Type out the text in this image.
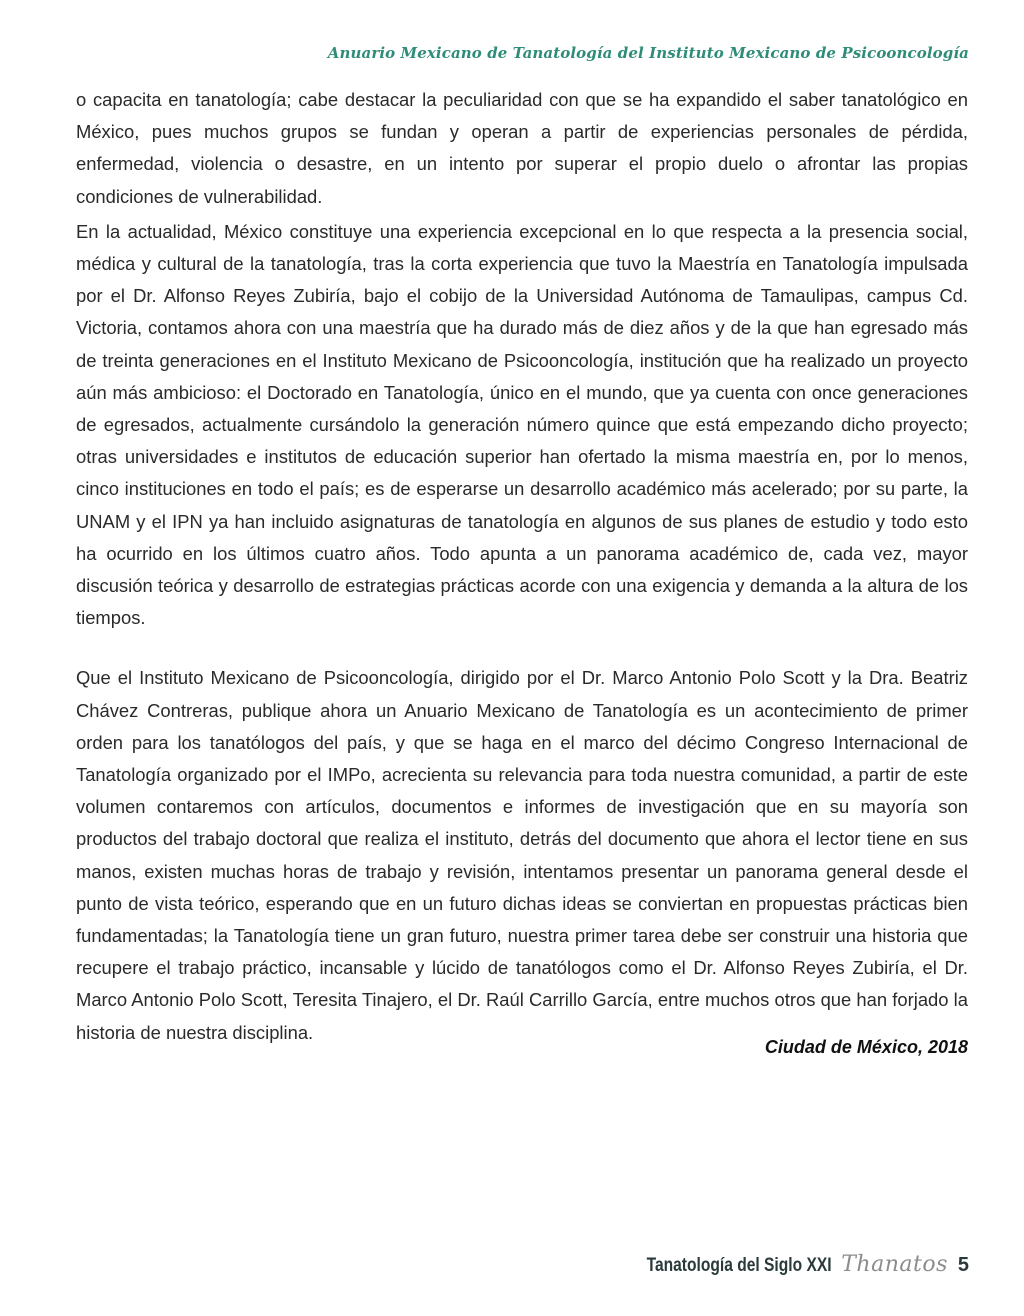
Anuario Mexicano de Tanatología del Instituto Mexicano de Psicooncología

o capacita en tanatología; cabe destacar la peculiaridad con que se ha expandido el saber tanatológico en México, pues muchos grupos se fundan y operan a partir de experiencias personales de pérdida, enfermedad, violencia o desastre, en un intento por superar el propio duelo o afrontar las propias condiciones de vulnerabilidad.

En la actualidad, México constituye una experiencia excepcional en lo que respecta a la presencia social, médica y cultural de la tanatología, tras la corta experiencia que tuvo la Maestría en Tanatología impulsada por el Dr. Alfonso Reyes Zubiría, bajo el cobijo de la Universidad Autónoma de Tamaulipas, campus Cd. Victoria, contamos ahora con una maestría que ha durado más de diez años y de la que han egresado más de treinta generaciones en el Instituto Mexicano de Psicooncología, institución que ha realizado un proyecto aún más ambicioso: el Doctorado en Tanatología, único en el mundo, que ya cuenta con once generaciones de egresados, actualmente cursándolo la generación número quince que está empezando dicho proyecto; otras universidades e institutos de educación superior han ofertado la misma maestría en, por lo menos, cinco instituciones en todo el país; es de esperarse un desarrollo académico más acelerado; por su parte, la UNAM y el IPN ya han incluido asignaturas de tanatología en algunos de sus planes de estudio y todo esto ha ocurrido en los últimos cuatro años. Todo apunta a un panorama académico de, cada vez, mayor discusión teórica y desarrollo de estrategias prácticas acorde con una exigencia y demanda a la altura de los tiempos.

Que el Instituto Mexicano de Psicooncología, dirigido por el Dr. Marco Antonio Polo Scott y la Dra. Beatriz Chávez Contreras, publique ahora un Anuario Mexicano de Tanatología es un acontecimiento de primer orden para los tanatólogos del país, y que se haga en el marco del décimo Congreso Internacional de Tanatología organizado por el IMPo, acrecienta su relevancia para toda nuestra comunidad, a partir de este volumen contaremos con artículos, documentos e informes de investigación que en su mayoría son productos del trabajo doctoral que realiza el instituto, detrás del documento que ahora el lector tiene en sus manos, existen muchas horas de trabajo y revisión, intentamos presentar un panorama general desde el punto de vista teórico, esperando que en un futuro dichas ideas se conviertan en propuestas prácticas bien fundamentadas; la Tanatología tiene un gran futuro, nuestra primer tarea debe ser construir una historia que recupere el trabajo práctico, incansable y lúcido de tanatólogos como el Dr. Alfonso Reyes Zubiría, el Dr. Marco Antonio Polo Scott, Teresita Tinajero, el Dr. Raúl Carrillo García, entre muchos otros que han forjado la historia de nuestra disciplina.

Ciudad de México, 2018
Tanatología del Siglo XXI Thanatos 5
